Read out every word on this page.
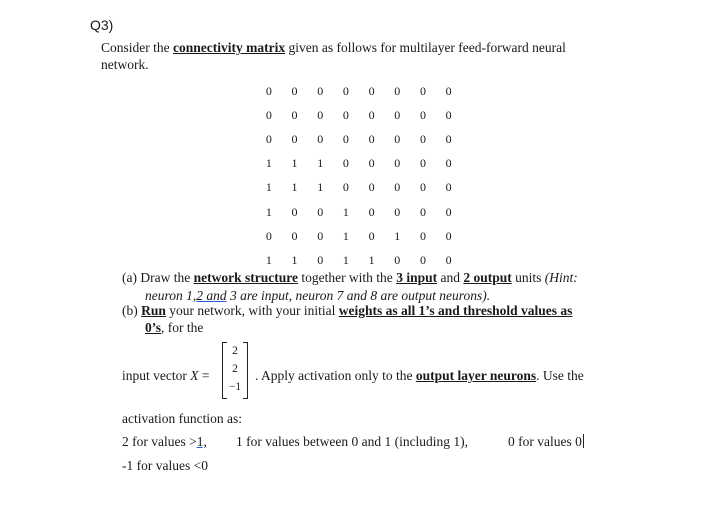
Q3)
Consider the connectivity matrix given as follows for multilayer feed-forward neural
network.
0	0	0	0	0	0	0	0
0	0	0	0	0	0	0	0
0	0	0	0	0	0	0	0
1	1	1	0	0	0	0	0
1	1	1	0	0	0	0	0
1	0	0	1	0	0	0	0
0	0	0	1	0	1	0	0
1	1	0	1	1	0	0	0
(a) Draw the network structure together with the 3 input and 2 output units (Hint:
neuron 1,2 and 3 are input, neuron 7 and 8 are output neurons).
(b) Run your network, with your initial weights as all 1’s and threshold values as
0’s, for the
input vector X =
2
2
−1
. Apply activation only to the output layer neurons. Use the
activation function as:
2 for values >1, 1 for values between 0 and 1 (including 1),	0 for values 0
-1 for values <0
